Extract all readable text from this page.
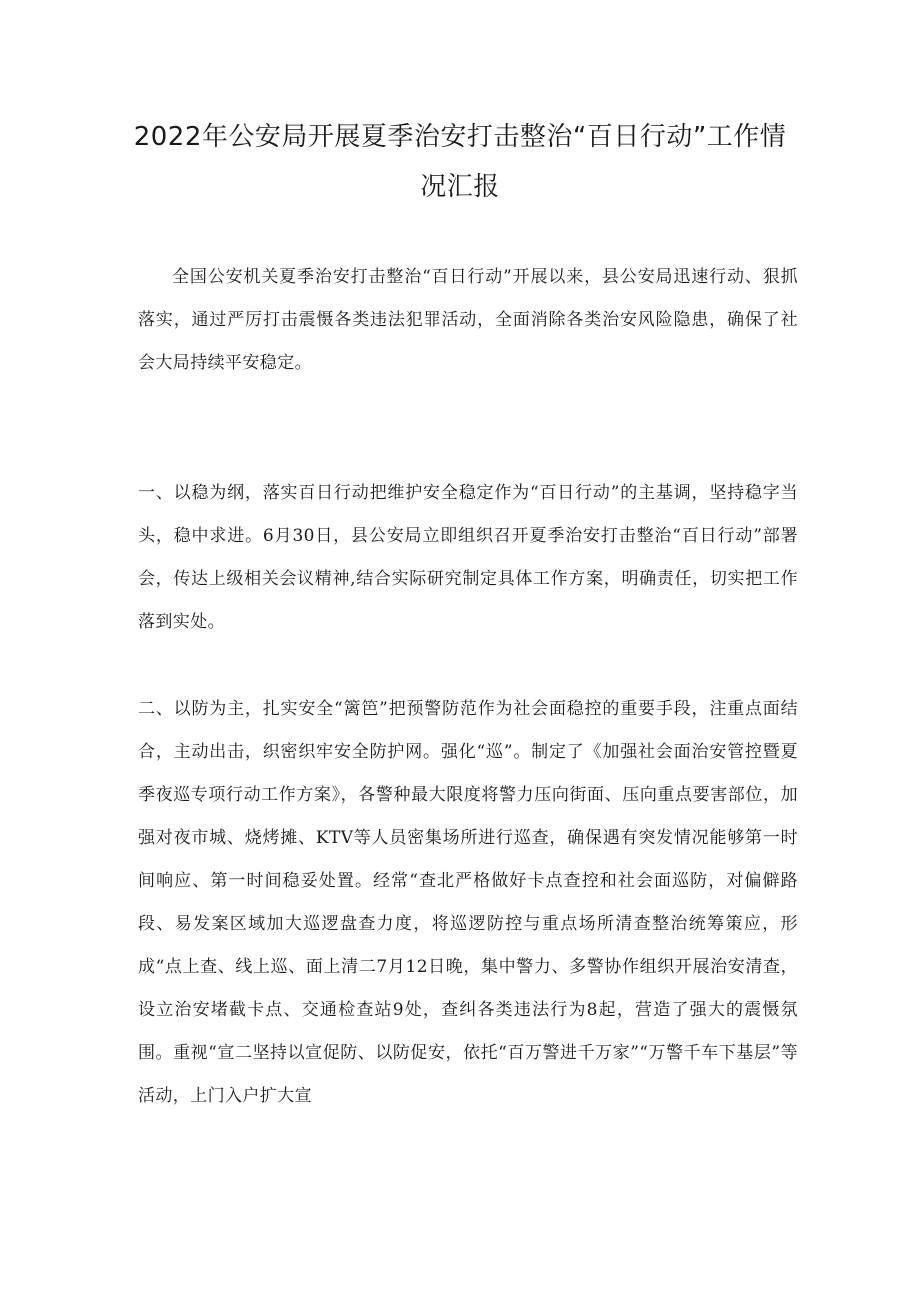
2022年公安局开展夏季治安打击整治“百日行动”工作情况汇报

全国公安机关夏季治安打击整治“百日行动”开展以来，县公安局迅速行动、狠抓落实，通过严厉打击震慑各类违法犯罪活动，全面消除各类治安风险隐患，确保了社会大局持续平安稳定。

一、以稳为纲，落实百日行动把维护安全稳定作为“百日行动”的主基调，坚持稳字当头，稳中求进。6月30日，县公安局立即组织召开夏季治安打击整治“百日行动”部署会，传达上级相关会议精神,结合实际研究制定具体工作方案，明确责任，切实把工作落到实处。

二、以防为主，扎实安全“篱笆”把预警防范作为社会面稳控的重要手段，注重点面结合，主动出击，织密织牢安全防护网。强化“巡”。制定了《加强社会面治安管控暨夏季夜巡专项行动工作方案》，各警种最大限度将警力压向街面、压向重点要害部位，加强对夜市城、烧烤摊、KTV等人员密集场所进行巡查，确保遇有突发情况能够第一时间响应、第一时间稳妥处置。经常“查北严格做好卡点查控和社会面巡防，对偏僻路段、易发案区域加大巡逻盘查力度，将巡逻防控与重点场所清查整治统筹策应，形成“点上查、线上巡、面上清二7月12日晚，集中警力、多警协作组织开展治安清查，设立治安堵截卡点、交通检查站9处，查纠各类违法行为8起，营造了强大的震慑氛围。重视“宣二坚持以宣促防、以防促安，依托“百万警进千万家”“万警千车下基层”等活动，上门入户扩大宣
